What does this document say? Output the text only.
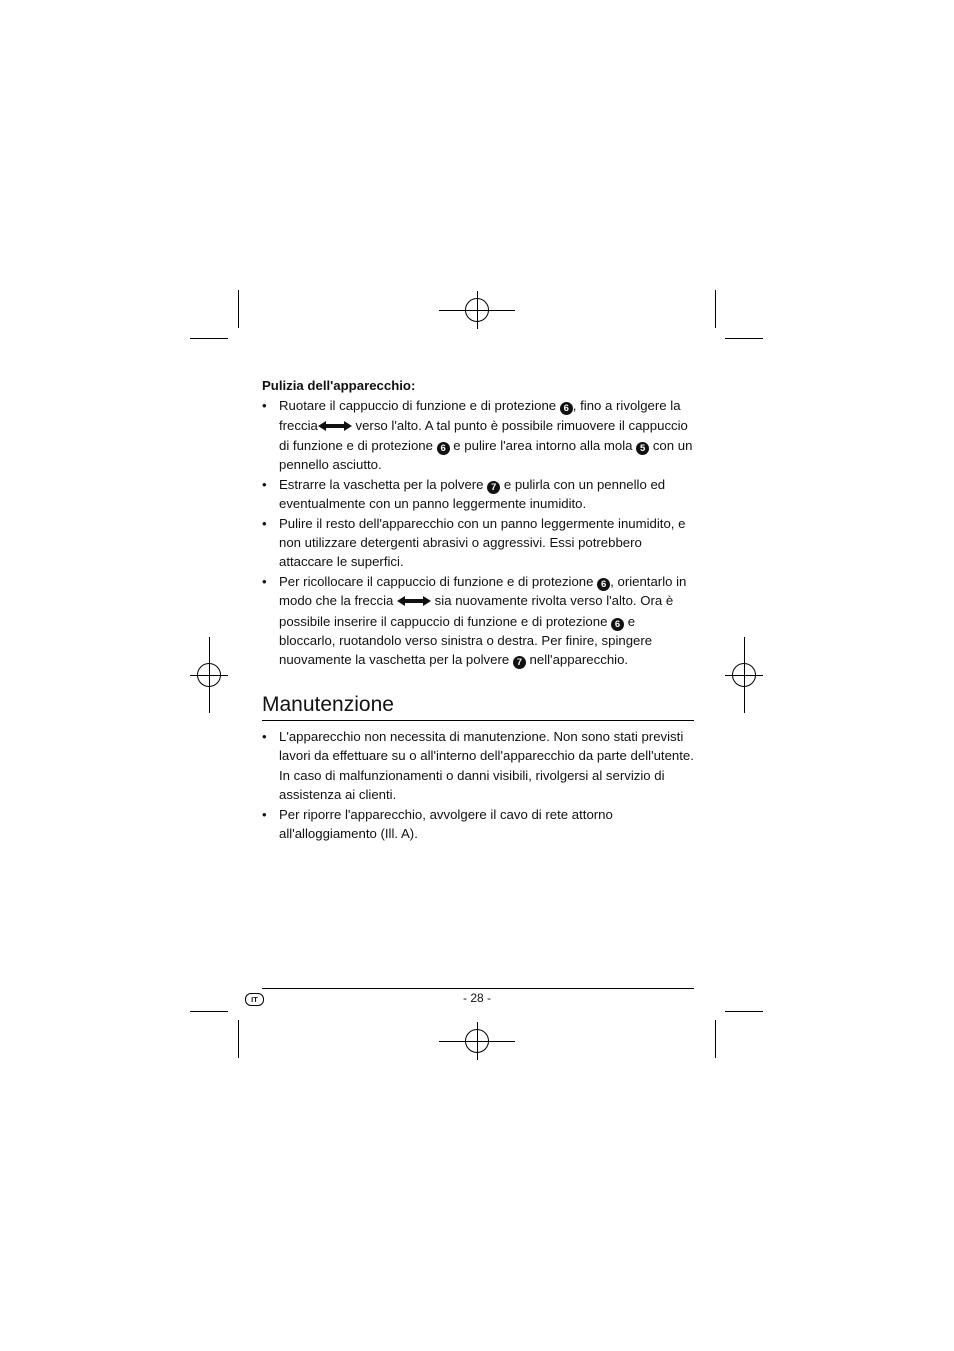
Pulizia dell'apparecchio:
• Ruotare il cappuccio di funzione e di protezione 6 , fino a rivolgere la freccia	verso l'alto. A tal punto è possibile rimuovere il cappuccio di funzione e di protezione 6 e pulire l'area intorno alla mola 5 con un pennello asciutto.
• Estrarre la vaschetta per la polvere 7 e pulirla con un pennello ed eventualmente con un panno leggermente inumidito.
• Pulire il resto dell'apparecchio con un panno leggermente inumidito, e non utilizzare detergenti abrasivi o aggressivi. Essi potrebbero attaccare le superfici.
• Per ricollocare il cappuccio di funzione e di protezione 6 , orientarlo in modo che la freccia	sia nuovamente rivolta verso l'alto. Ora è possibile inserire il cappuccio di funzione e di protezione 6 e bloccarlo, ruotandolo verso sinistra o destra. Per finire, spingere nuovamente la vaschetta per la polvere 7 nell'apparecchio.
Manutenzione
• L'apparecchio non necessita di manutenzione. Non sono stati previsti lavori da effettuare su o all'interno dell'apparecchio da parte dell'utente. In caso di malfunzionamenti o danni visibili, rivolgersi al servizio di assistenza ai clienti.
• Per riporre l'apparecchio, avvolgere il cavo di rete attorno all'alloggiamento (Ill. A).
IT	- 28 -
